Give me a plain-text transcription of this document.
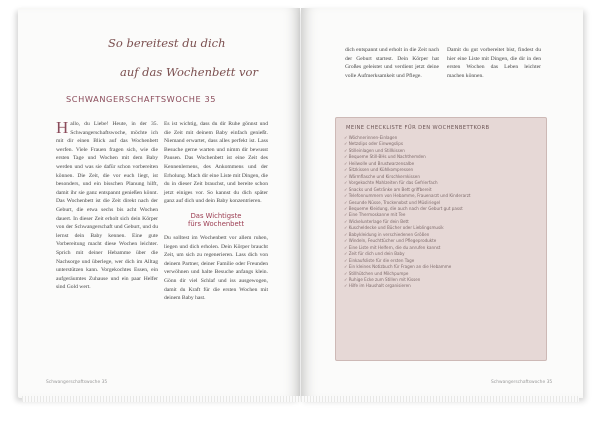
So bereitest du dich
auf das Wochenbett vor
SCHWANGERSCHAFTSWOCHE 35
Hallo, du Liebe! Heute, in der 35. Schwangerschaftswoche, möchte ich mit dir einen Blick auf das Wochenbett werfen. Viele Frauen fragen sich, wie die ersten Tage und Wochen mit dem Baby werden und was sie dafür schon vorbereiten können. Die Zeit, die vor euch liegt, ist besonders, und ein bisschen Planung hilft, damit ihr sie ganz entspannt genießen könnt. Das Wochenbett ist die Zeit direkt nach der Geburt, die etwa sechs bis acht Wochen dauert. In dieser Zeit erholt sich dein Körper von der Schwangerschaft und Geburt, und du lernst dein Baby kennen. Eine gute Vorbereitung macht diese Wochen leichter. Sprich mit deiner Hebamme über die Nachsorge und überlege, wer dich im Alltag unterstützen kann. Vorgekochtes Essen, ein aufgeräumtes Zuhause und ein paar Helfer sind Gold wert.
Es ist wichtig, dass du dir Ruhe gönnst und die Zeit mit deinem Baby einfach genießt. Niemand erwartet, dass alles perfekt ist. Lass Besuche gerne warten und nimm dir bewusst Pausen. Das Wochenbett ist eine Zeit des Kennenlernens, des Ankommens und der Erholung. Mach dir eine Liste mit Dingen, die du in dieser Zeit brauchst, und bereite schon jetzt einiges vor. So kannst du dich später ganz auf dich und dein Baby konzentrieren.
Das Wichtigste
fürs Wochenbett
Du solltest im Wochenbett vor allem ruhen, liegen und dich erholen. Dein Körper braucht Zeit, um sich zu regenerieren. Lass dich von deinem Partner, deiner Familie oder Freunden verwöhnen und halte Besuche anfangs klein. Gönn dir viel Schlaf und iss ausgewogen, damit du Kraft für die ersten Wochen mit deinem Baby hast.
Schwangerschaftswoche 35
dich entspannt und erholt in die Zeit nach der Geburt startest. Dein Körper hat Großes geleistet und verdient jetzt deine volle Aufmerksamkeit und Pflege.
Damit du gut vorbereitet bist, findest du hier eine Liste mit Dingen, die dir in den ersten Wochen das Leben leichter machen können.
MEINE CHECKLISTE FÜR DEN WOCHENBETTKORB
✓ Wöchnerinnen-Einlagen
✓ Netzslips oder Einwegslips
✓ Stilleinlagen und Stillkissen
✓ Bequeme Still-BHs und Nachthemden
✓ Heilwolle und Brustwarzensalbe
✓ Sitzkissen und Kühlkompressen
✓ Wärmflasche und Kirschkernkissen
✓ Vorgekochte Mahlzeiten für das Gefrierfach
✓ Snacks und Getränke am Bett griffbereit
✓ Telefonnummern von Hebamme, Frauenarzt und Kinderarzt
✓ Gesunde Nüsse, Trockenobst und Müsliriegel
✓ Bequeme Kleidung, die auch nach der Geburt gut passt
✓ Eine Thermoskanne mit Tee
✓ Wickelunterlage für dein Bett
✓ Kuscheldecke und Bücher oder Lieblingsmusik
✓ Babykleidung in verschiedenen Größen
✓ Windeln, Feuchttücher und Pflegeprodukte
✓ Eine Liste mit Helfern, die du anrufen kannst
✓ Zeit für dich und dein Baby
✓ Einkaufsliste für die ersten Tage
✓ Ein kleines Notizbuch für Fragen an die Hebamme
✓ Stillhütchen und Milchpumpe
✓ Ruhige Ecke zum Stillen mit Kissen
✓ Hilfe im Haushalt organisieren
Schwangerschaftswoche 35
